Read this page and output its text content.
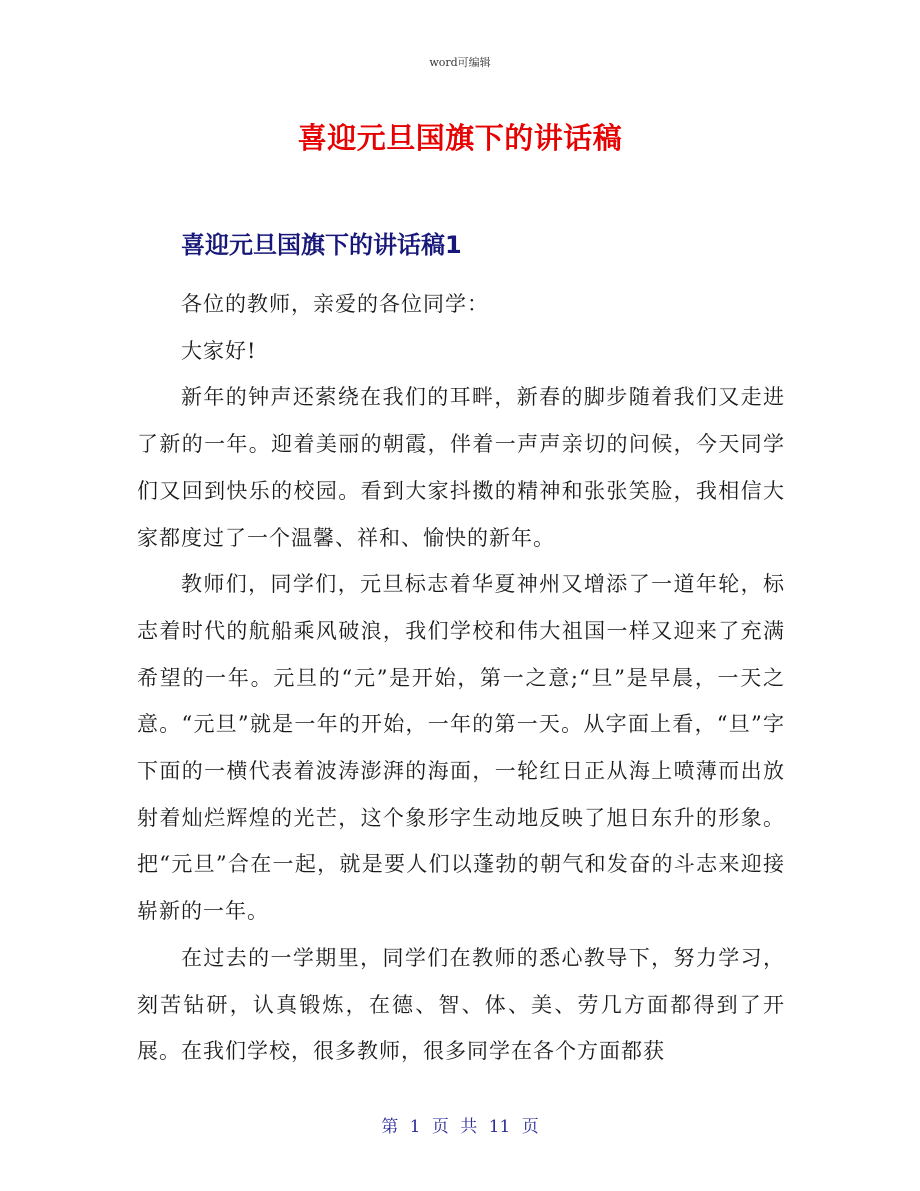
word可编辑
喜迎元旦国旗下的讲话稿
喜迎元旦国旗下的讲话稿1

各位的教师，亲爱的各位同学：

大家好!

新年的钟声还萦绕在我们的耳畔，新春的脚步随着我们又走进了新的一年。迎着美丽的朝霞，伴着一声声亲切的问候，今天同学们又回到快乐的校园。看到大家抖擞的精神和张张笑脸，我相信大家都度过了一个温馨、祥和、愉快的新年。

教师们，同学们，元旦标志着华夏神州又增添了一道年轮，标志着时代的航船乘风破浪，我们学校和伟大祖国一样又迎来了充满希望的一年。元旦的“元”是开始，第一之意;“旦”是早晨，一天之意。“元旦”就是一年的开始，一年的第一天。从字面上看，“旦”字下面的一横代表着波涛澎湃的海面，一轮红日正从海上喷薄而出放射着灿烂辉煌的光芒，这个象形字生动地反映了旭日东升的形象。把“元旦”合在一起，就是要人们以蓬勃的朝气和发奋的斗志来迎接崭新的一年。

在过去的一学期里，同学们在教师的悉心教导下，努力学习，刻苦钻研，认真锻炼，在德、智、体、美、劳几方面都得到了开展。在我们学校，很多教师，很多同学在各个方面都获

第 1 页 共 11 页
